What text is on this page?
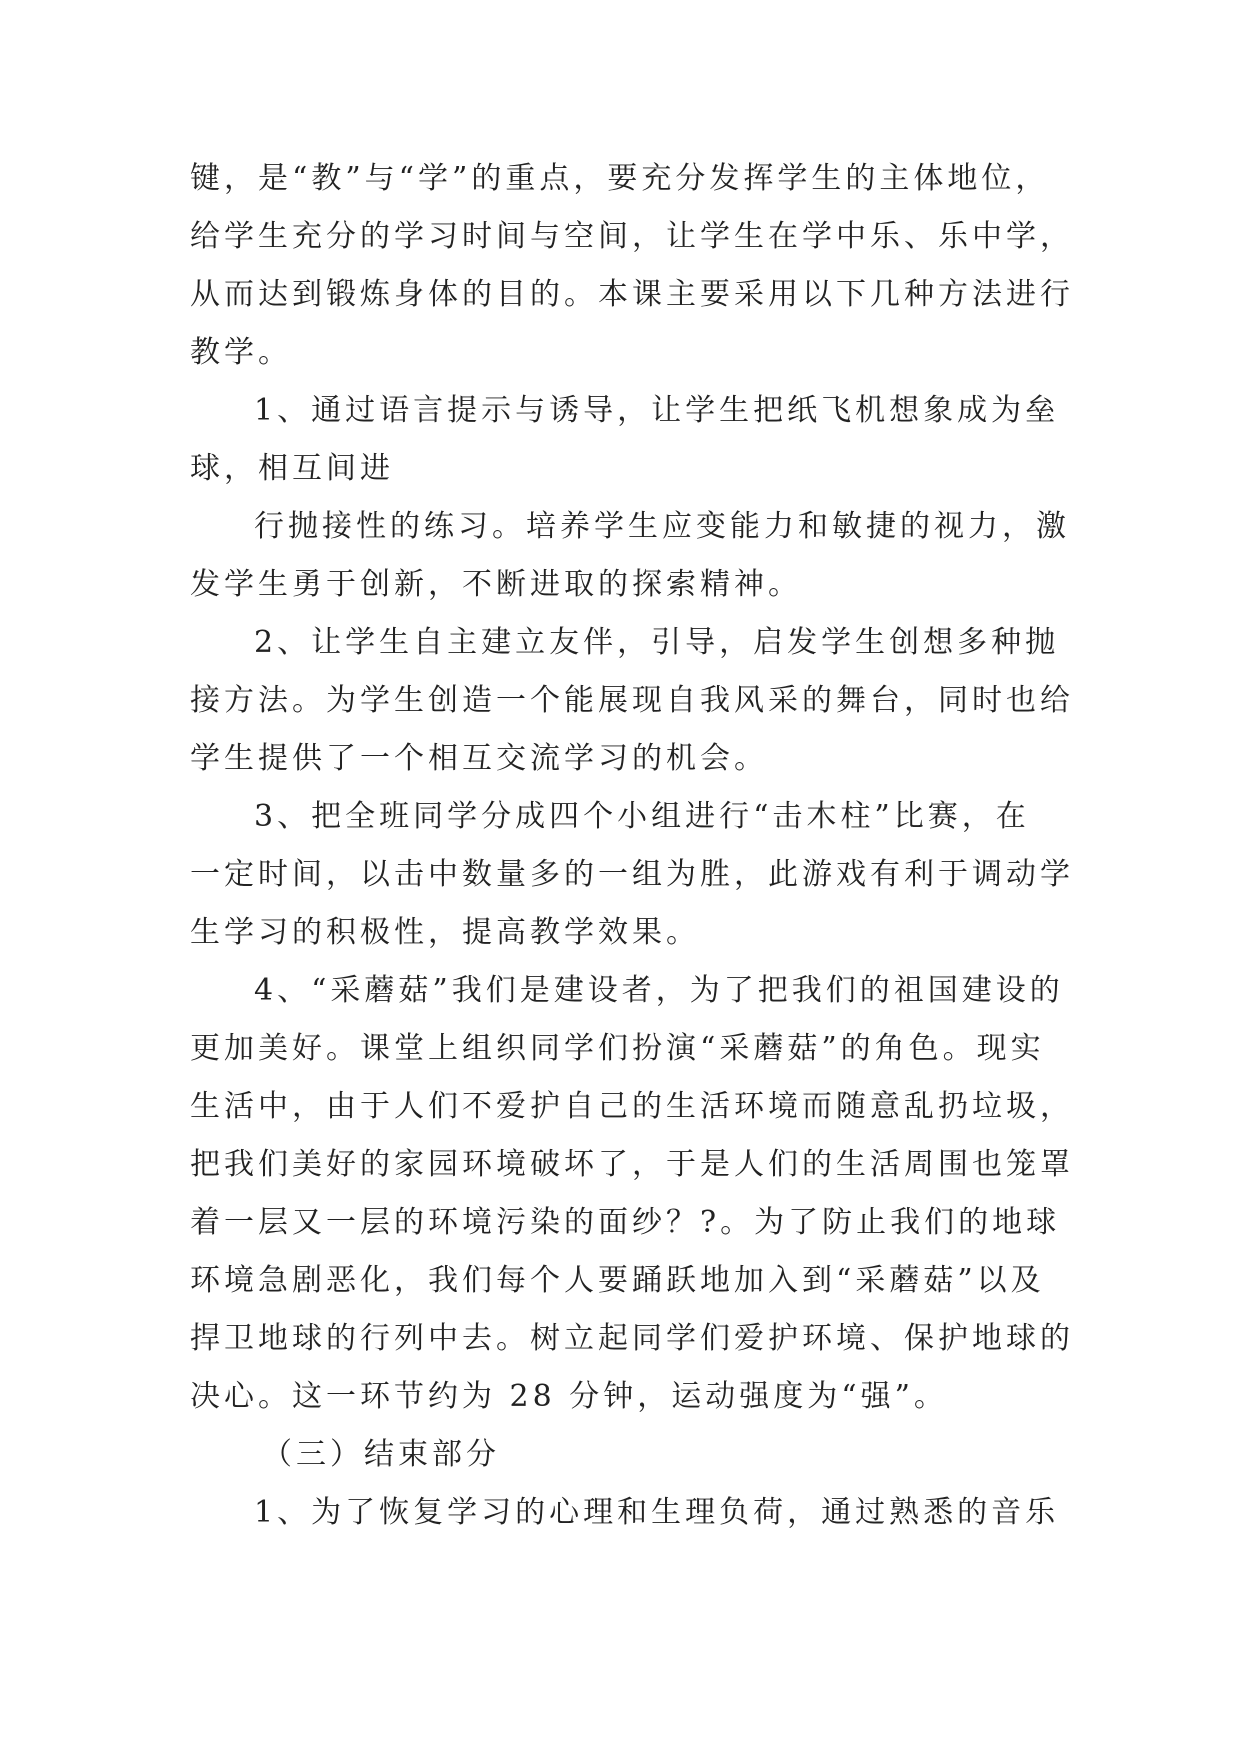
键，是“教”与“学”的重点，要充分发挥学生的主体地位，
给学生充分的学习时间与空间，让学生在学中乐、乐中学，
从而达到锻炼身体的目的。本课主要采用以下几种方法进行
教学。
1、通过语言提示与诱导，让学生把纸飞机想象成为垒
球，相互间进
行抛接性的练习。培养学生应变能力和敏捷的视力，激
发学生勇于创新，不断进取的探索精神。
2、让学生自主建立友伴，引导，启发学生创想多种抛
接方法。为学生创造一个能展现自我风采的舞台，同时也给
学生提供了一个相互交流学习的机会。
3、把全班同学分成四个小组进行“击木柱”比赛，在
一定时间，以击中数量多的一组为胜，此游戏有利于调动学
生学习的积极性，提高教学效果。
4、“采蘑菇”我们是建设者，为了把我们的祖国建设的
更加美好。课堂上组织同学们扮演“采蘑菇”的角色。现实
生活中，由于人们不爱护自己的生活环境而随意乱扔垃圾，
把我们美好的家园环境破坏了，于是人们的生活周围也笼罩
着一层又一层的环境污染的面纱？?。为了防止我们的地球
环境急剧恶化，我们每个人要踊跃地加入到“采蘑菇”以及
捍卫地球的行列中去。树立起同学们爱护环境、保护地球的
决心。这一环节约为 28 分钟，运动强度为“强”。
（三）结束部分
1、为了恢复学习的心理和生理负荷，通过熟悉的音乐
